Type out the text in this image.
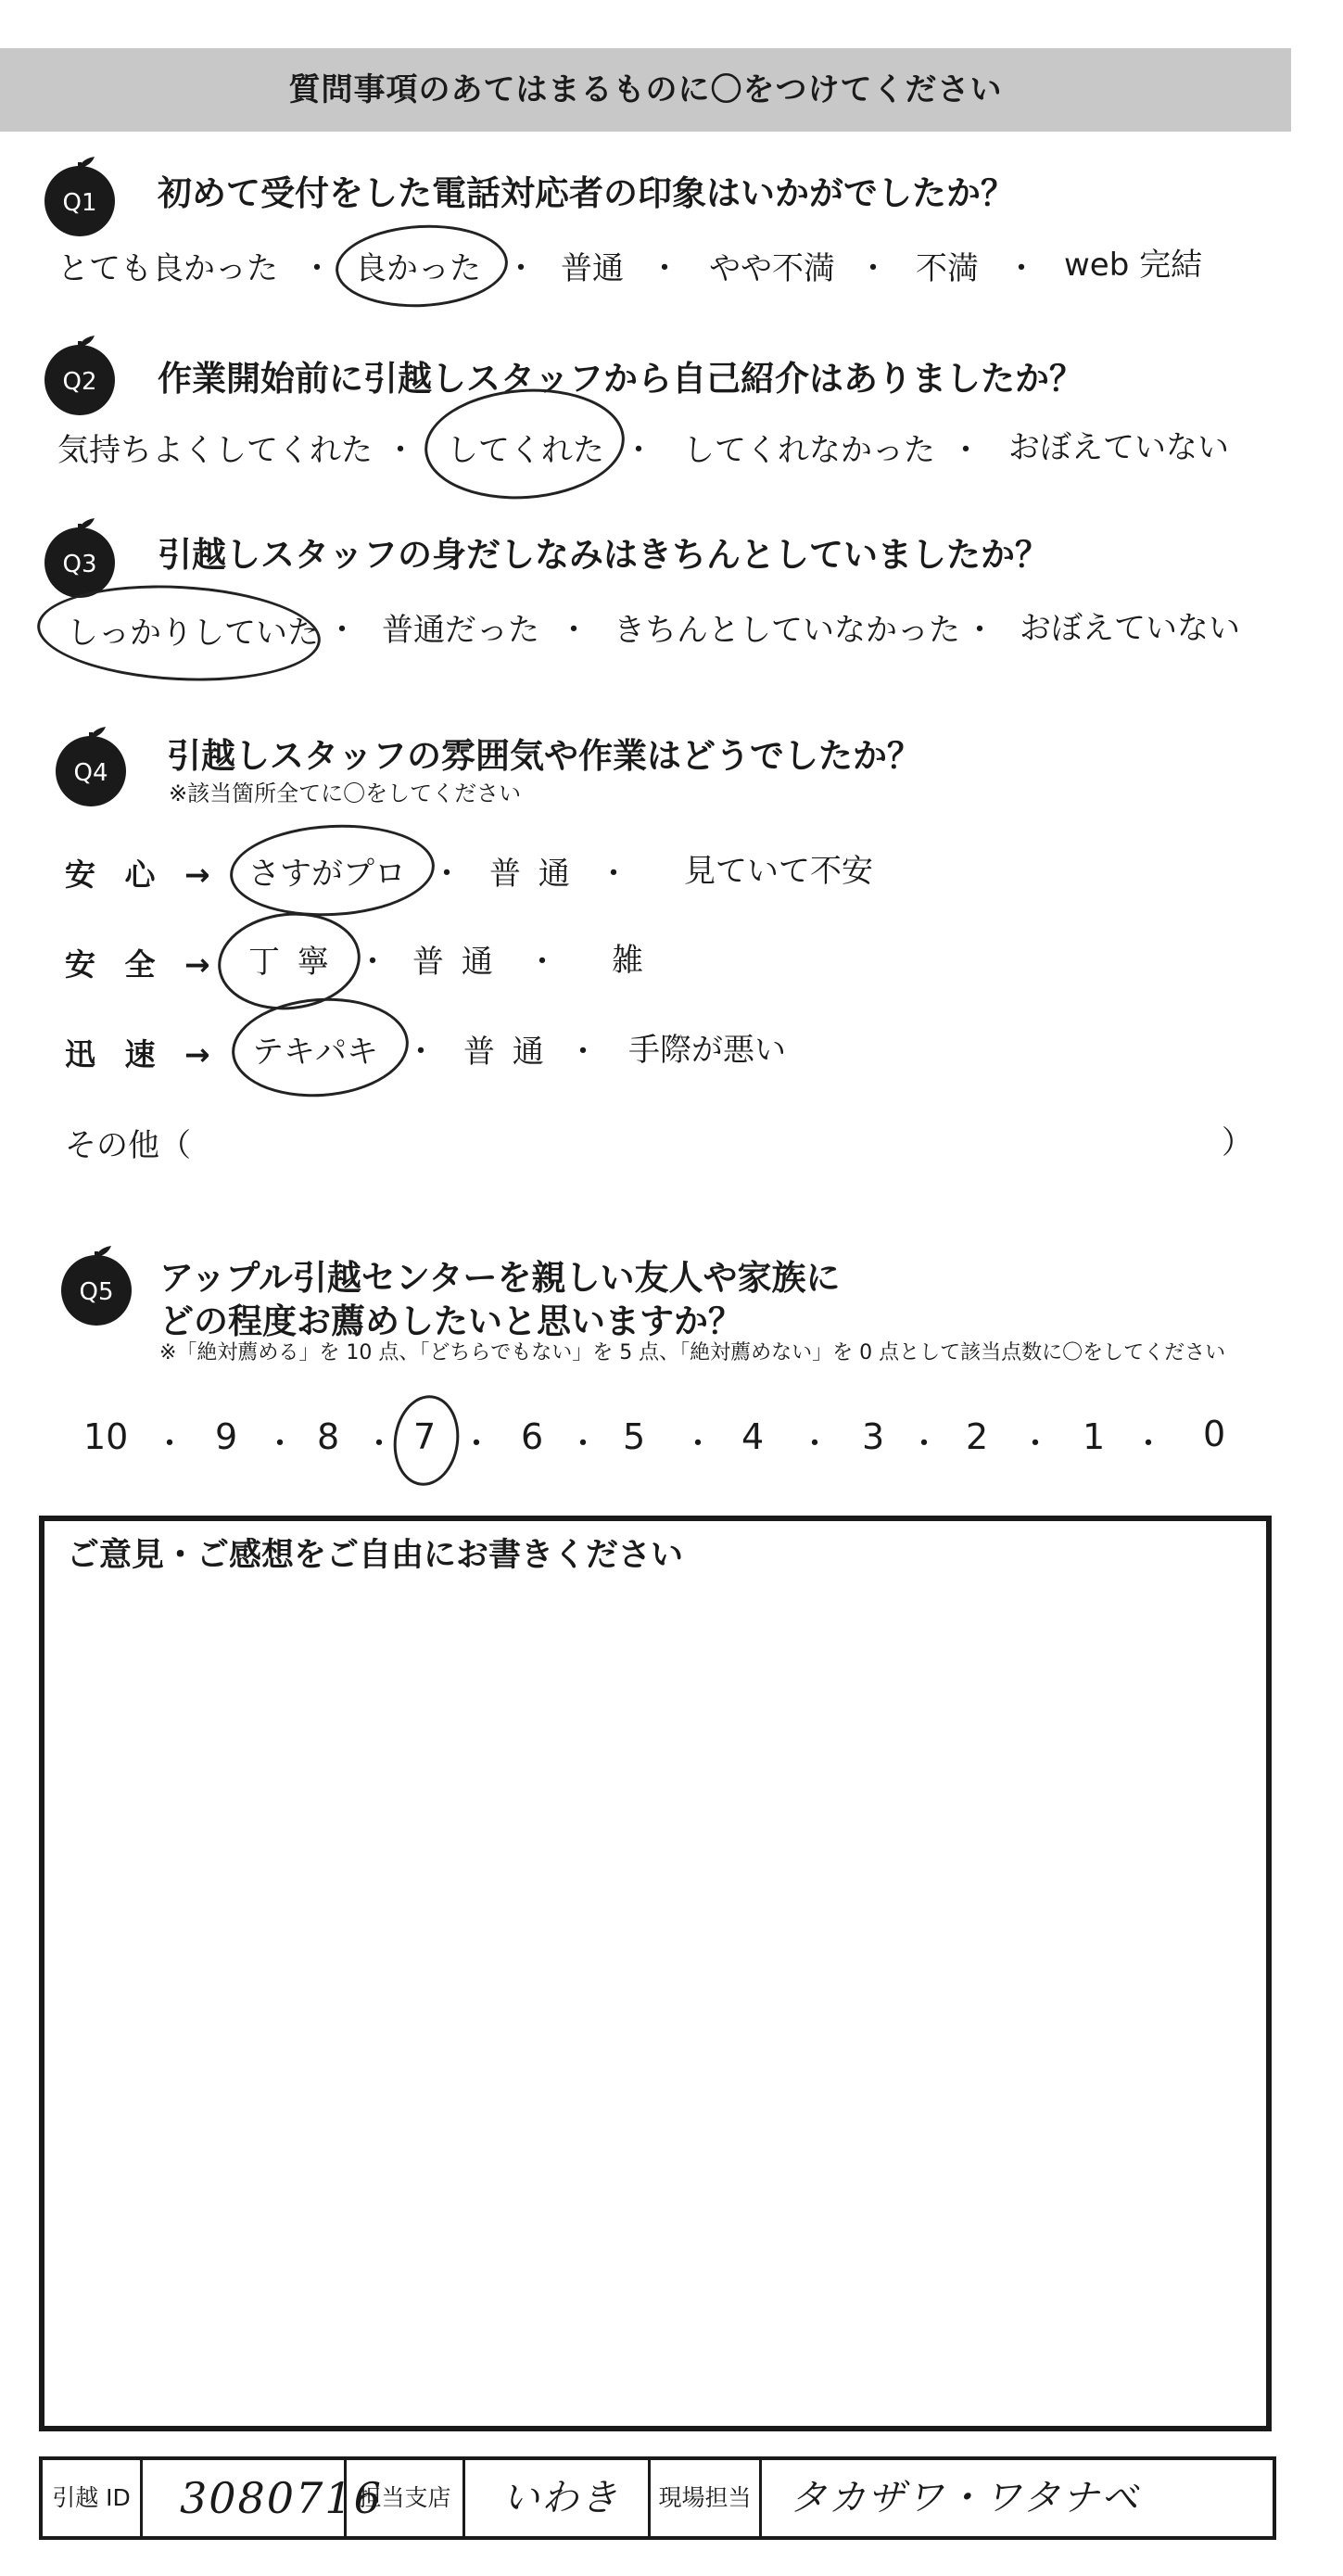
質問事項のあてはまるものに〇をつけてください
Q1 初めて受付をした電話対応者の印象はいかがでしたか？
とても良かった ・ 良かった ・ 普通 ・ やや不満 ・ 不満 ・ web 完結
Q2 作業開始前に引越しスタッフから自己紹介はありましたか？
気持ちよくしてくれた ・ してくれた ・ してくれなかった ・ おぼえていない
Q3 引越しスタッフの身だしなみはきちんとしていましたか？
しっかりしていた ・ 普通だった ・ きちんとしていなかった ・ おぼえていない
Q4 引越しスタッフの雰囲気や作業はどうでしたか？
※該当箇所全てに〇をしてください
安 心 → さすがプロ ・ 普 通 ・ 見ていて不安
安 全 → 丁 寧 ・ 普 通 ・ 雑
迅 速 → テキパキ ・ 普 通 ・ 手際が悪い
その他（	）
Q5 アップル引越センターを親しい友人や家族に
どの程度お薦めしたいと思いますか？
※「絶対薦める」を 10 点、「どちらでもない」を 5 点、「絶対薦めない」を 0 点として該当点数に〇をしてください
10 ・ 9 ・ 8 ・ 7 ・ 6 ・ 5 ・ 4 ・ 3 ・ 2 ・ 1 ・ 0
ご意見・ご感想をご自由にお書きください
引越 ID	3080716
担当支店	いわき	現場担当	タカザワ・ワタナベ
